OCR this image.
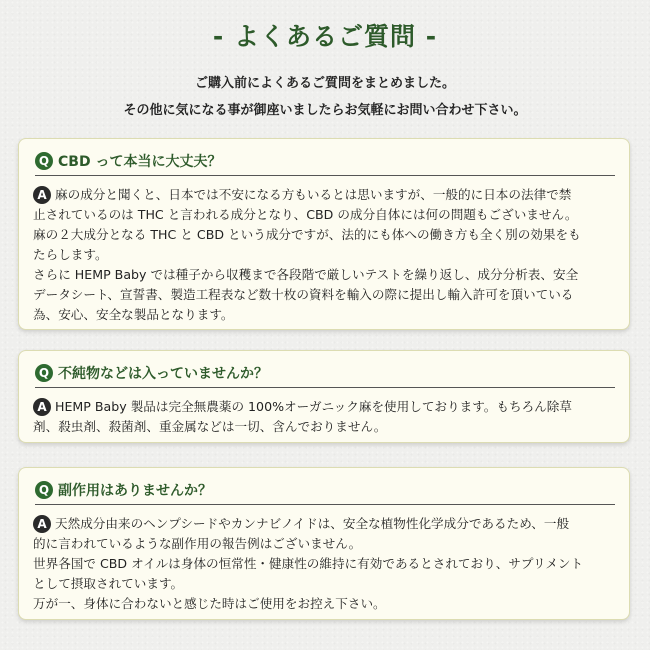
- よくあるご質問 -
ご購入前によくあるご質問をまとめました。
その他に気になる事が御座いましたらお気軽にお問い合わせ下さい。
Q CBD って本当に大丈夫？
A 麻の成分と聞くと、日本では不安になる方もいるとは思いますが、一般的に日本の法律で禁
止されているのは THC と言われる成分となり、CBD の成分自体には何の問題もございません。
麻の２大成分となる THC と CBD という成分ですが、法的にも体への働き方も全く別の効果をも
たらします。
さらに HEMP Baby では種子から収穫まで各段階で厳しいテストを繰り返し、成分分析表、安全
データシート、宣誓書、製造工程表など数十枚の資料を輸入の際に提出し輸入許可を頂いている
為、安心、安全な製品となります。
Q 不純物などは入っていませんか？
A HEMP Baby 製品は完全無農薬の 100%オーガニック麻を使用しております。もちろん除草
剤、殺虫剤、殺菌剤、重金属などは一切、含んでおりません。
Q 副作用はありませんか？
A 天然成分由来のヘンプシードやカンナビノイドは、安全な植物性化学成分であるため、一般
的に言われているような副作用の報告例はございません。
世界各国で CBD オイルは身体の恒常性・健康性の維持に有効であるとされており、サプリメント
として摂取されています。
万が一、身体に合わないと感じた時はご使用をお控え下さい。
